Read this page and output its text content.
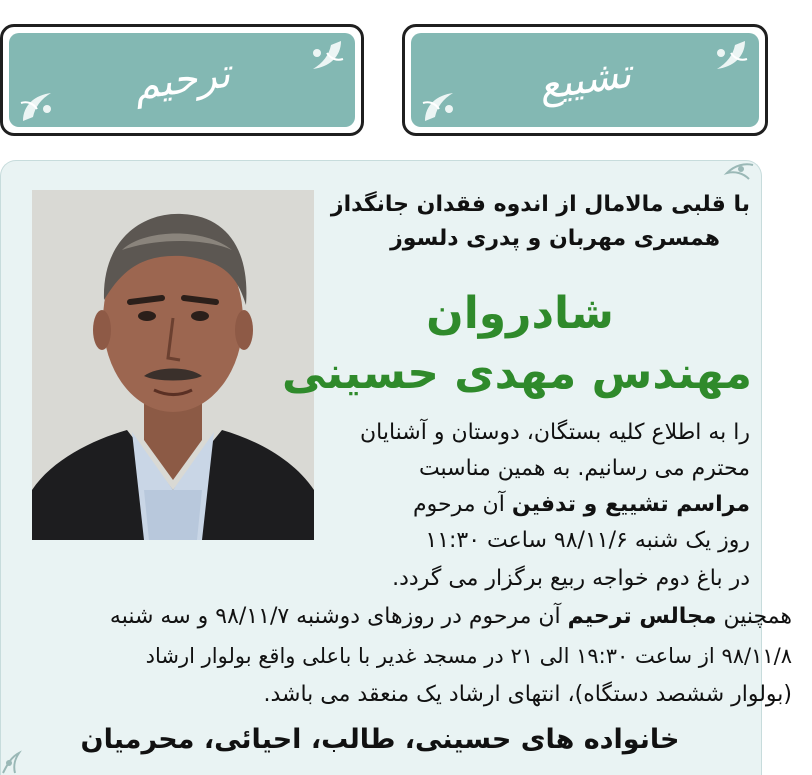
ترحیم	تشییع
با قلبی مالامال از اندوه فقدان جانگداز
همسری مهربان و پدری دلسوز
شادروان
مهندس مهدی حسینی
را به اطلاع کلیه بستگان، دوستان و آشنایان
محترم می رسانیم. به همین مناسبت
مراسم تشییع و تدفین آن مرحوم
روز یک شنبه ۹۸/۱۱/۶ ساعت ۱۱:۳۰
در باغ دوم خواجه ربیع برگزار می گردد.
همچنین مجالس ترحیم آن مرحوم در روزهای دوشنبه ۹۸/۱۱/۷ و سه شنبه
۹۸/۱۱/۸ از ساعت ۱۹:۳۰ الی ۲۱ در مسجد غدیر با باعلی واقع بولوار ارشاد
(بولوار ششصد دستگاه)، انتهای ارشاد یک منعقد می باشد.
خانواده های حسینی، طالب، احیائی، محرمیان
